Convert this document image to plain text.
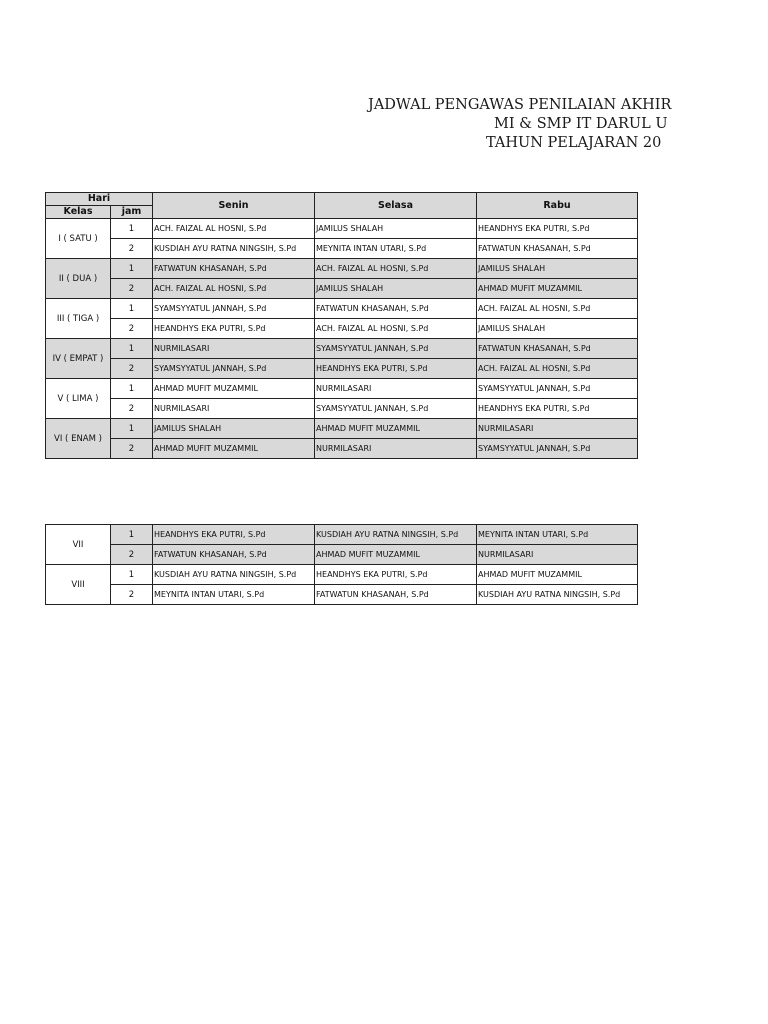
JADWAL PENGAWAS PENILAIAN AKHIR
MI & SMP IT DARUL U
TAHUN PELAJARAN 20
Hari		Senin	Selasa	Rabu
Kelas	jam			
I ( SATU )	1	ACH. FAIZAL AL HOSNI, S.Pd	JAMILUS SHALAH	HEANDHYS EKA PUTRI, S.Pd
	2	KUSDIAH AYU RATNA NINGSIH, S.Pd	MEYNITA INTAN UTARI, S.Pd	FATWATUN KHASANAH, S.Pd
II ( DUA )	1	FATWATUN KHASANAH, S.Pd	ACH. FAIZAL AL HOSNI, S.Pd	JAMILUS SHALAH
	2	ACH. FAIZAL AL HOSNI, S.Pd	JAMILUS SHALAH	AHMAD MUFIT MUZAMMIL
III ( TIGA )	1	SYAMSYYATUL JANNAH, S.Pd	FATWATUN KHASANAH, S.Pd	ACH. FAIZAL AL HOSNI, S.Pd
	2	HEANDHYS EKA PUTRI, S.Pd	ACH. FAIZAL AL HOSNI, S.Pd	JAMILUS SHALAH
IV ( EMPAT )	1	NURMILASARI	SYAMSYYATUL JANNAH, S.Pd	FATWATUN KHASANAH, S.Pd
	2	SYAMSYYATUL JANNAH, S.Pd	HEANDHYS EKA PUTRI, S.Pd	ACH. FAIZAL AL HOSNI, S.Pd
V ( LIMA )	1	AHMAD MUFIT MUZAMMIL	NURMILASARI	SYAMSYYATUL JANNAH, S.Pd
	2	NURMILASARI	SYAMSYYATUL JANNAH, S.Pd	HEANDHYS EKA PUTRI, S.Pd
VI ( ENAM )	1	JAMILUS SHALAH	AHMAD MUFIT MUZAMMIL	NURMILASARI
	2	AHMAD MUFIT MUZAMMIL	NURMILASARI	SYAMSYYATUL JANNAH, S.Pd
VII	1	HEANDHYS EKA PUTRI, S.Pd	KUSDIAH AYU RATNA NINGSIH, S.Pd	MEYNITA INTAN UTARI, S.Pd
	2	FATWATUN KHASANAH, S.Pd	AHMAD MUFIT MUZAMMIL	NURMILASARI
VIII	1	KUSDIAH AYU RATNA NINGSIH, S.Pd	HEANDHYS EKA PUTRI, S.Pd	AHMAD MUFIT MUZAMMIL
	2	MEYNITA INTAN UTARI, S.Pd	FATWATUN KHASANAH, S.Pd	KUSDIAH AYU RATNA NINGSIH, S.Pd
